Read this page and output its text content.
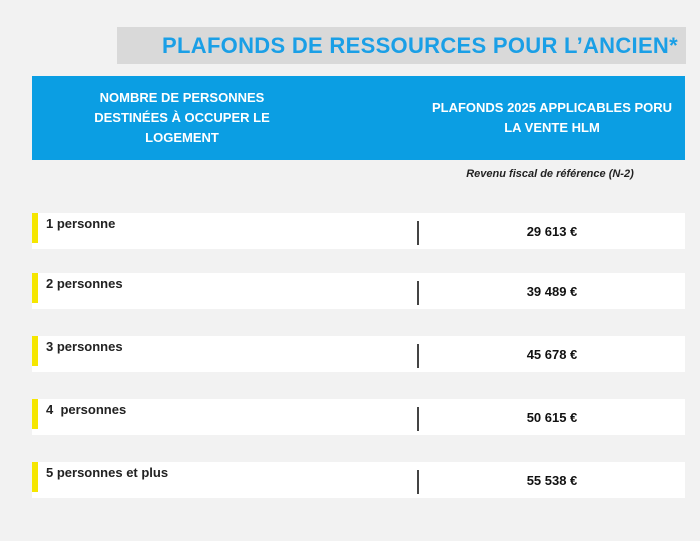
PLAFONDS DE RESSOURCES POUR L’ANCIEN*
NOMBRE DE PERSONNES DESTINÉES À OCCUPER LE LOGEMENT
PLAFONDS 2025 APPLICABLES PORU LA VENTE HLM
Revenu fiscal de référence (N-2)
1 personne	29 613 €
2 personnes	39 489 €
3 personnes	45 678 €
4  personnes	50 615 €
5 personnes et plus	55 538 €
